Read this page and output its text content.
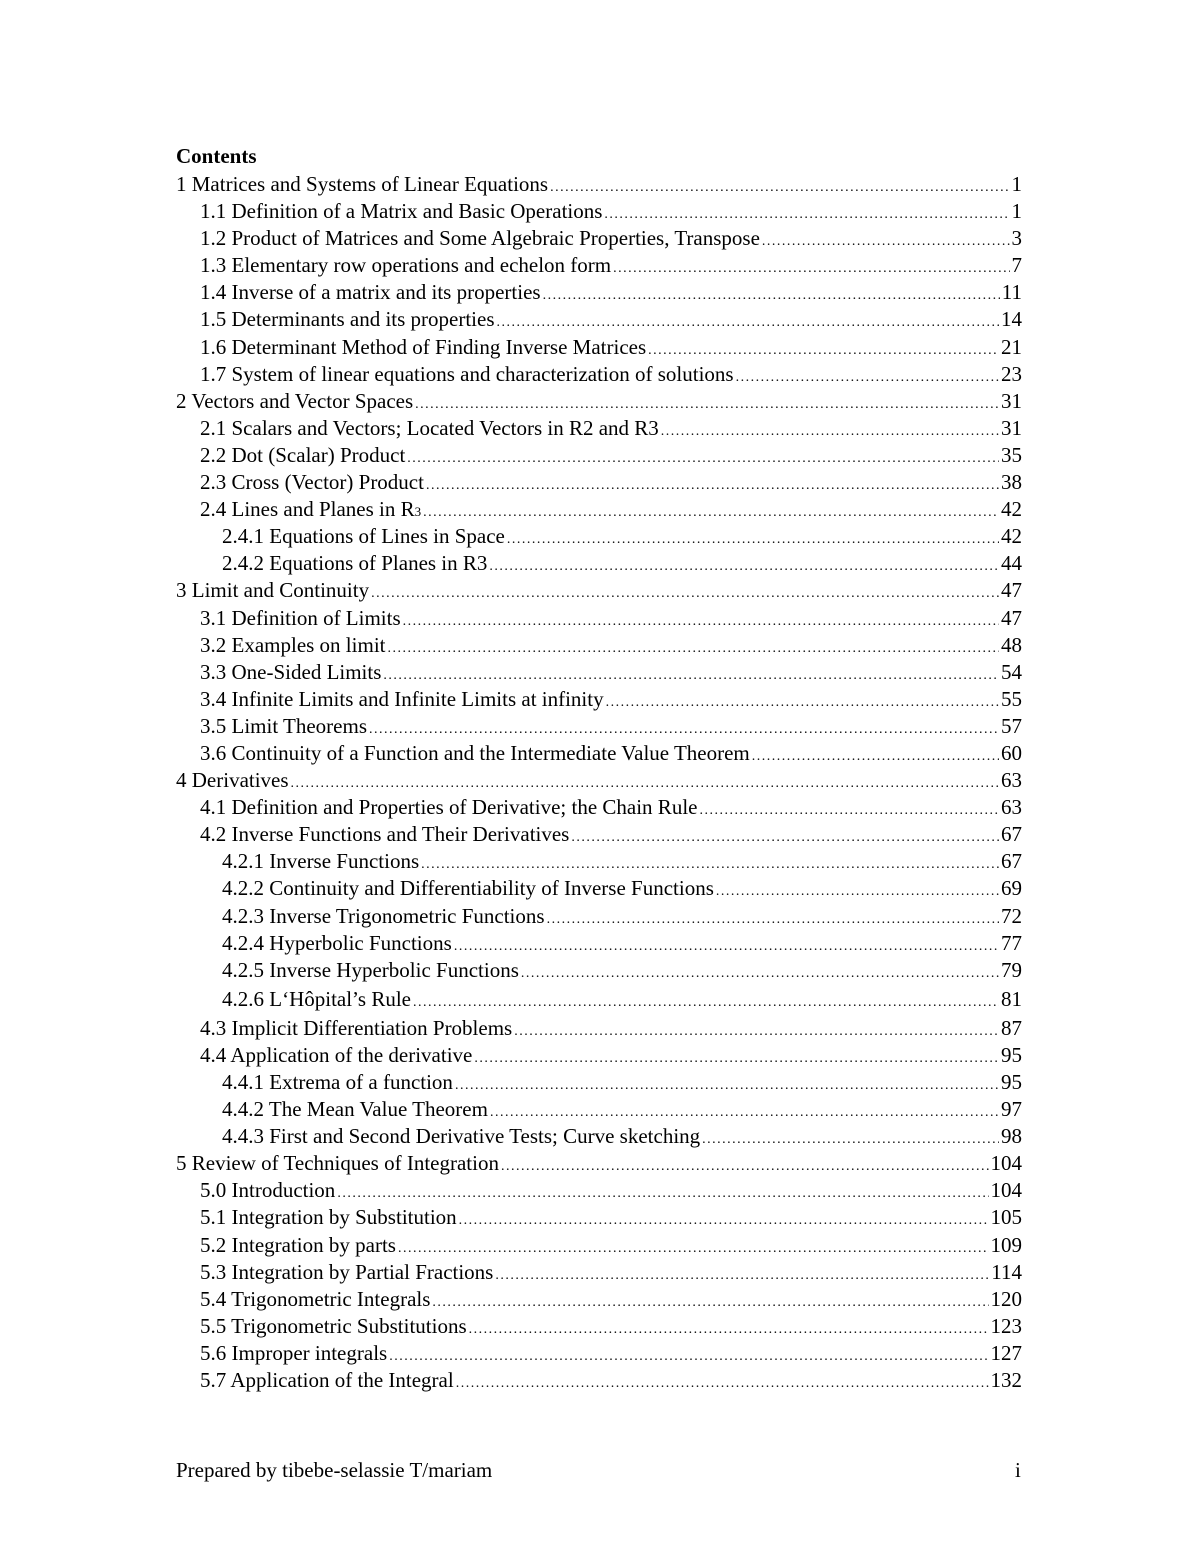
Contents
1 Matrices and Systems of Linear Equations .....	1
1.1 Definition of a Matrix and Basic Operations .....	1
1.2 Product of Matrices and Some Algebraic Properties, Transpose .....	3
1.3 Elementary row operations and echelon form .....	7
1.4 Inverse of a matrix and its properties .....	11
1.5 Determinants and its properties .....	14
1.6 Determinant Method of Finding Inverse Matrices .....	21
1.7 System of linear equations and characterization of solutions .....	23
2 Vectors and Vector Spaces .....	31
2.1 Scalars and Vectors; Located Vectors in R2 and R3 .....	31
2.2 Dot (Scalar) Product .....	35
2.3 Cross (Vector) Product .....	38
2.4 Lines and Planes in R 3 .....	42
2.4.1 Equations of Lines in Space .....	42
2.4.2 Equations of Planes in R3 .....	44
3 Limit and Continuity .....	47
3.1 Definition of Limits .....	47
3.2 Examples on limit .....	48
3.3 One-Sided Limits .....	54
3.4 Infinite Limits and Infinite Limits at infinity .....	55
3.5 Limit Theorems .....	57
3.6 Continuity of a Function and the Intermediate Value Theorem .....	60
4 Derivatives .....	63
4.1 Definition and Properties of Derivative; the Chain Rule .....	63
4.2 Inverse Functions and Their Derivatives .....	67
4.2.1 Inverse Functions .....	67
4.2.2 Continuity and Differentiability of Inverse Functions .....	69
4.2.3 Inverse Trigonometric Functions .....	72
4.2.4 Hyperbolic Functions .....	77
4.2.5 Inverse Hyperbolic Functions .....	79
4.2.6 L‘Hôpital’s Rule .....	81
4.3 Implicit Differentiation Problems .....	87
4.4 Application of the derivative .....	95
4.4.1 Extrema of a function .....	95
4.4.2 The Mean Value Theorem .....	97
4.4.3 First and Second Derivative Tests; Curve sketching .....	98
5 Review of Techniques of Integration .....	104
5.0 Introduction .....	104
5.1 Integration by Substitution .....	105
5.2 Integration by parts .....	109
5.3 Integration by Partial Fractions .....	114
5.4 Trigonometric Integrals .....	120
5.5 Trigonometric Substitutions .....	123
5.6 Improper integrals .....	127
5.7 Application of the Integral .....	132
Prepared by tibebe-selassie T/mariam	i
